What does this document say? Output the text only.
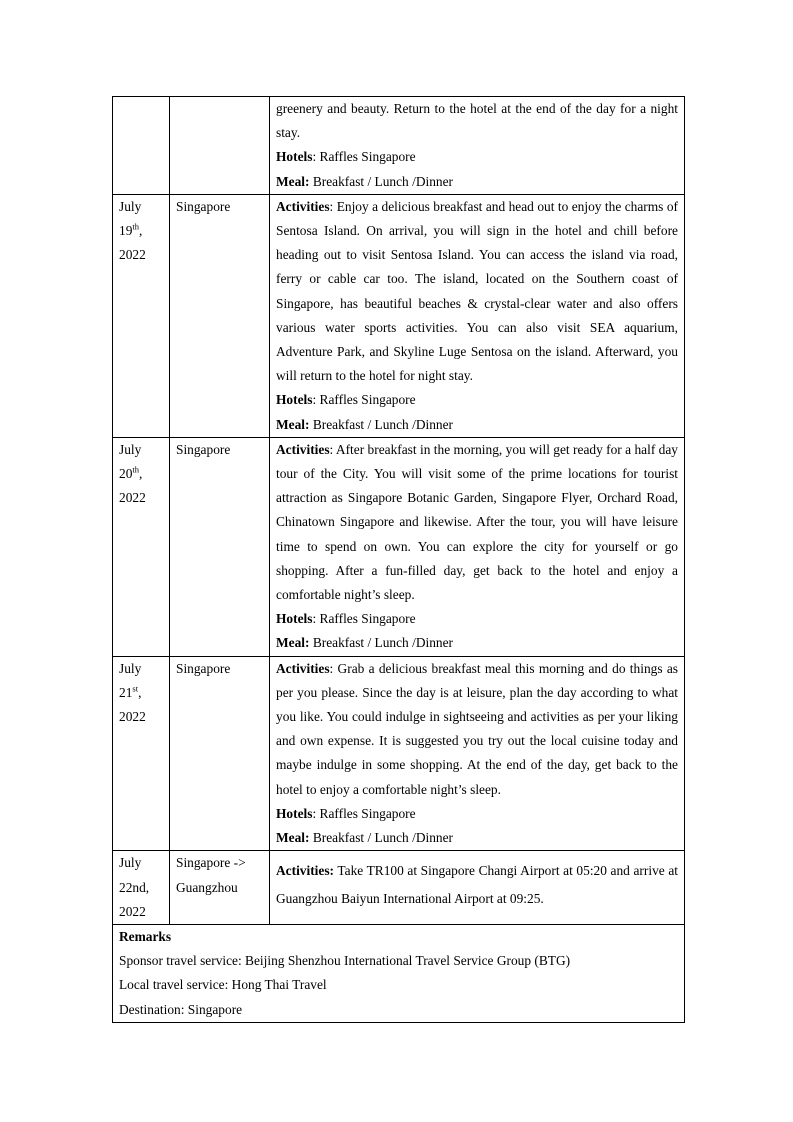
		greenery and beauty. Return to the hotel at the end of the day for a night stay.

Hotels: Raffles Singapore

Meal: Breakfast / Lunch /Dinner

July 19th, 2022	Singapore	Activities: Enjoy a delicious breakfast and head out to enjoy the charms of Sentosa Island. On arrival, you will sign in the hotel and chill before heading out to visit Sentosa Island. You can access the island via road, ferry or cable car too. The island, located on the Southern coast of Singapore, has beautiful beaches & crystal-clear water and also offers various water sports activities. You can also visit SEA aquarium, Adventure Park, and Skyline Luge Sentosa on the island. Afterward, you will return to the hotel for night stay.

Hotels: Raffles Singapore

Meal: Breakfast / Lunch /Dinner

July 20th, 2022	Singapore	Activities: After breakfast in the morning, you will get ready for a half day tour of the City. You will visit some of the prime locations for tourist attraction as Singapore Botanic Garden, Singapore Flyer, Orchard Road, Chinatown Singapore and likewise. After the tour, you will have leisure time to spend on own. You can explore the city for yourself or go shopping. After a fun-filled day, get back to the hotel and enjoy a comfortable night’s sleep.

Hotels: Raffles Singapore

Meal: Breakfast / Lunch /Dinner

July 21st, 2022	Singapore	Activities: Grab a delicious breakfast meal this morning and do things as per you please. Since the day is at leisure, plan the day according to what you like. You could indulge in sightseeing and activities as per your liking and own expense. It is suggested you try out the local cuisine today and maybe indulge in some shopping. At the end of the day, get back to the hotel to enjoy a comfortable night’s sleep.

Hotels: Raffles Singapore

Meal: Breakfast / Lunch /Dinner

July 22nd, 2022	Singapore -> Guangzhou	Activities: Take TR100 at Singapore Changi Airport at 05:20 and arrive at Guangzhou Baiyun International Airport at 09:25.

Remarks

Sponsor travel service: Beijing Shenzhou International Travel Service Group (BTG)

Local travel service: Hong Thai Travel

Destination: Singapore		
